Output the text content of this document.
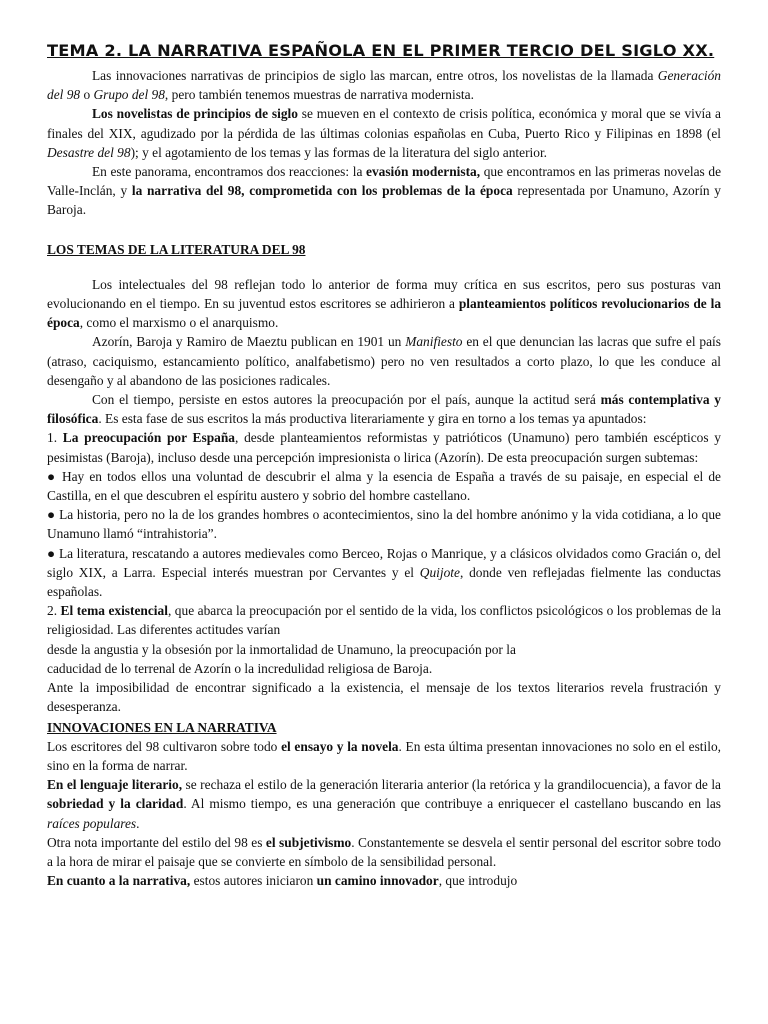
TEMA 2. LA NARRATIVA ESPAÑOLA EN EL PRIMER TERCIO DEL SIGLO XX.

Las innovaciones narrativas de principios de siglo las marcan, entre otros, los novelistas de la llamada Generación del 98 o Grupo del 98, pero también tenemos muestras de narrativa modernista.

Los novelistas de principios de siglo se mueven en el contexto de crisis política, económica y moral que se vivía a finales del XIX, agudizado por la pérdida de las últimas colonias españolas en Cuba, Puerto Rico y Filipinas en 1898 (el Desastre del 98); y el agotamiento de los temas y las formas de la literatura del siglo anterior.

En este panorama, encontramos dos reacciones: la evasión modernista, que encontramos en las primeras novelas de Valle-Inclán, y la narrativa del 98, comprometida con los problemas de la época representada por Unamuno, Azorín y Baroja.

LOS TEMAS DE LA LITERATURA DEL 98

Los intelectuales del 98 reflejan todo lo anterior de forma muy crítica en sus escritos, pero sus posturas van evolucionando en el tiempo. En su juventud estos escritores se adhirieron a planteamientos políticos revolucionarios de la época, como el marxismo o el anarquismo.

Azorín, Baroja y Ramiro de Maeztu publican en 1901 un Manifiesto en el que denuncian las lacras que sufre el país (atraso, caciquismo, estancamiento político, analfabetismo) pero no ven resultados a corto plazo, lo que les conduce al desengaño y al abandono de las posiciones radicales.

Con el tiempo, persiste en estos autores la preocupación por el país, aunque la actitud será más contemplativa y filosófica. Es esta fase de sus escritos la más productiva literariamente y gira en torno a los temas ya apuntados:

1. La preocupación por España, desde planteamientos reformistas y patrióticos (Unamuno) pero también escépticos y pesimistas (Baroja), incluso desde una percepción impresionista o lirica (Azorín). De esta preocupación surgen subtemas:

● Hay en todos ellos una voluntad de descubrir el alma y la esencia de España a través de su paisaje, en especial el de Castilla, en el que descubren el espíritu austero y sobrio del hombre castellano.

● La historia, pero no la de los grandes hombres o acontecimientos, sino la del hombre anónimo y la vida cotidiana, a lo que Unamuno llamó “intrahistoria”.

● La literatura, rescatando a autores medievales como Berceo, Rojas o Manrique, y a clásicos olvidados como Gracián o, del siglo XIX, a Larra. Especial interés muestran por Cervantes y el Quijote, donde ven reflejadas fielmente las conductas españolas.

2. El tema existencial, que abarca la preocupación por el sentido de la vida, los conflictos psicológicos o los problemas de la religiosidad. Las diferentes actitudes varían

desde la angustia y la obsesión por la inmortalidad de Unamuno, la preocupación por la

caducidad de lo terrenal de Azorín o la incredulidad religiosa de Baroja.

Ante la imposibilidad de encontrar significado a la existencia, el mensaje de los textos literarios revela frustración y desesperanza.

INNOVACIONES EN LA NARRATIVA

Los escritores del 98 cultivaron sobre todo el ensayo y la novela. En esta última presentan innovaciones no solo en el estilo, sino en la forma de narrar.

En el lenguaje literario, se rechaza el estilo de la generación literaria anterior (la retórica y la grandilocuencia), a favor de la sobriedad y la claridad. Al mismo tiempo, es una generación que contribuye a enriquecer el castellano buscando en las raíces populares.

Otra nota importante del estilo del 98 es el subjetivismo. Constantemente se desvela el sentir personal del escritor sobre todo a la hora de mirar el paisaje que se convierte en símbolo de la sensibilidad personal.

En cuanto a la narrativa, estos autores iniciaron un camino innovador, que introdujo
